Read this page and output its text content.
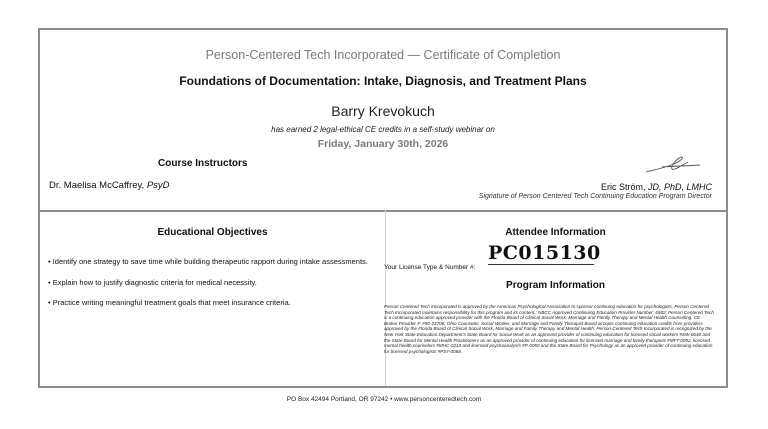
Person-Centered Tech Incorporated — Certificate of Completion
Foundations of Documentation: Intake, Diagnosis, and Treatment Plans
Barry Krevokuch
has earned 2 legal-ethical CE credits in a self-study webinar on
Friday, January 30th, 2026
Course Instructors
Dr. Maelisa McCaffrey, PsyD	Eric Ström, JD, PhD, LMHC
Signature of Person Centered Tech Continuing Education Program Director
Educational Objectives
• Identify one strategy to save time while building therapeutic rapport during intake assessments.
• Explain how to justify diagnostic criteria for medical necessity.
• Practice writing meaningful treatment goals that meet insurance criteria.
Attendee Information
Your License Type & Number #:
PC015130
Program Information
Person Centered Tech Incorporated is approved by the American Psychological Association to sponsor continuing education for psychologists. Person Centered Tech Incorporated maintains responsibility for this program and its content.; NBCC Approved Continuing Education Provider Number: 6582; Person Centered Tech is a continuing education approved provider with the Florida Board of Clinical Social Work, Marriage and Family Therapy and Mental Health Counseling. CE Broker Provider #: #50-23706; Ohio Counselor, Social Worker, and Marriage and Family Therapist Board accepts continuing education credits from providers approved by the Florida Board of Clinical Social Work, Marriage and Family Therapy and Mental Health. Person-Centered Tech Incorporated is recognized by the New York State Education Department's State Board for Social Work as an approved provider of continuing education for licensed social workers #SW-0640 and the State Board for Mental Health Practitioners as an approved provider of continuing education for licensed marriage and family therapists #MFT-0092, licensed mental health counselors #MHC-0210 and licensed psychoanalysts #P-0050 and the State Board for Psychology as an approved provider of continuing education for licensed psychologists #PSY-0068.
PO Box 42494 Portland, OR 97242 • www.personcenteredtech.com
